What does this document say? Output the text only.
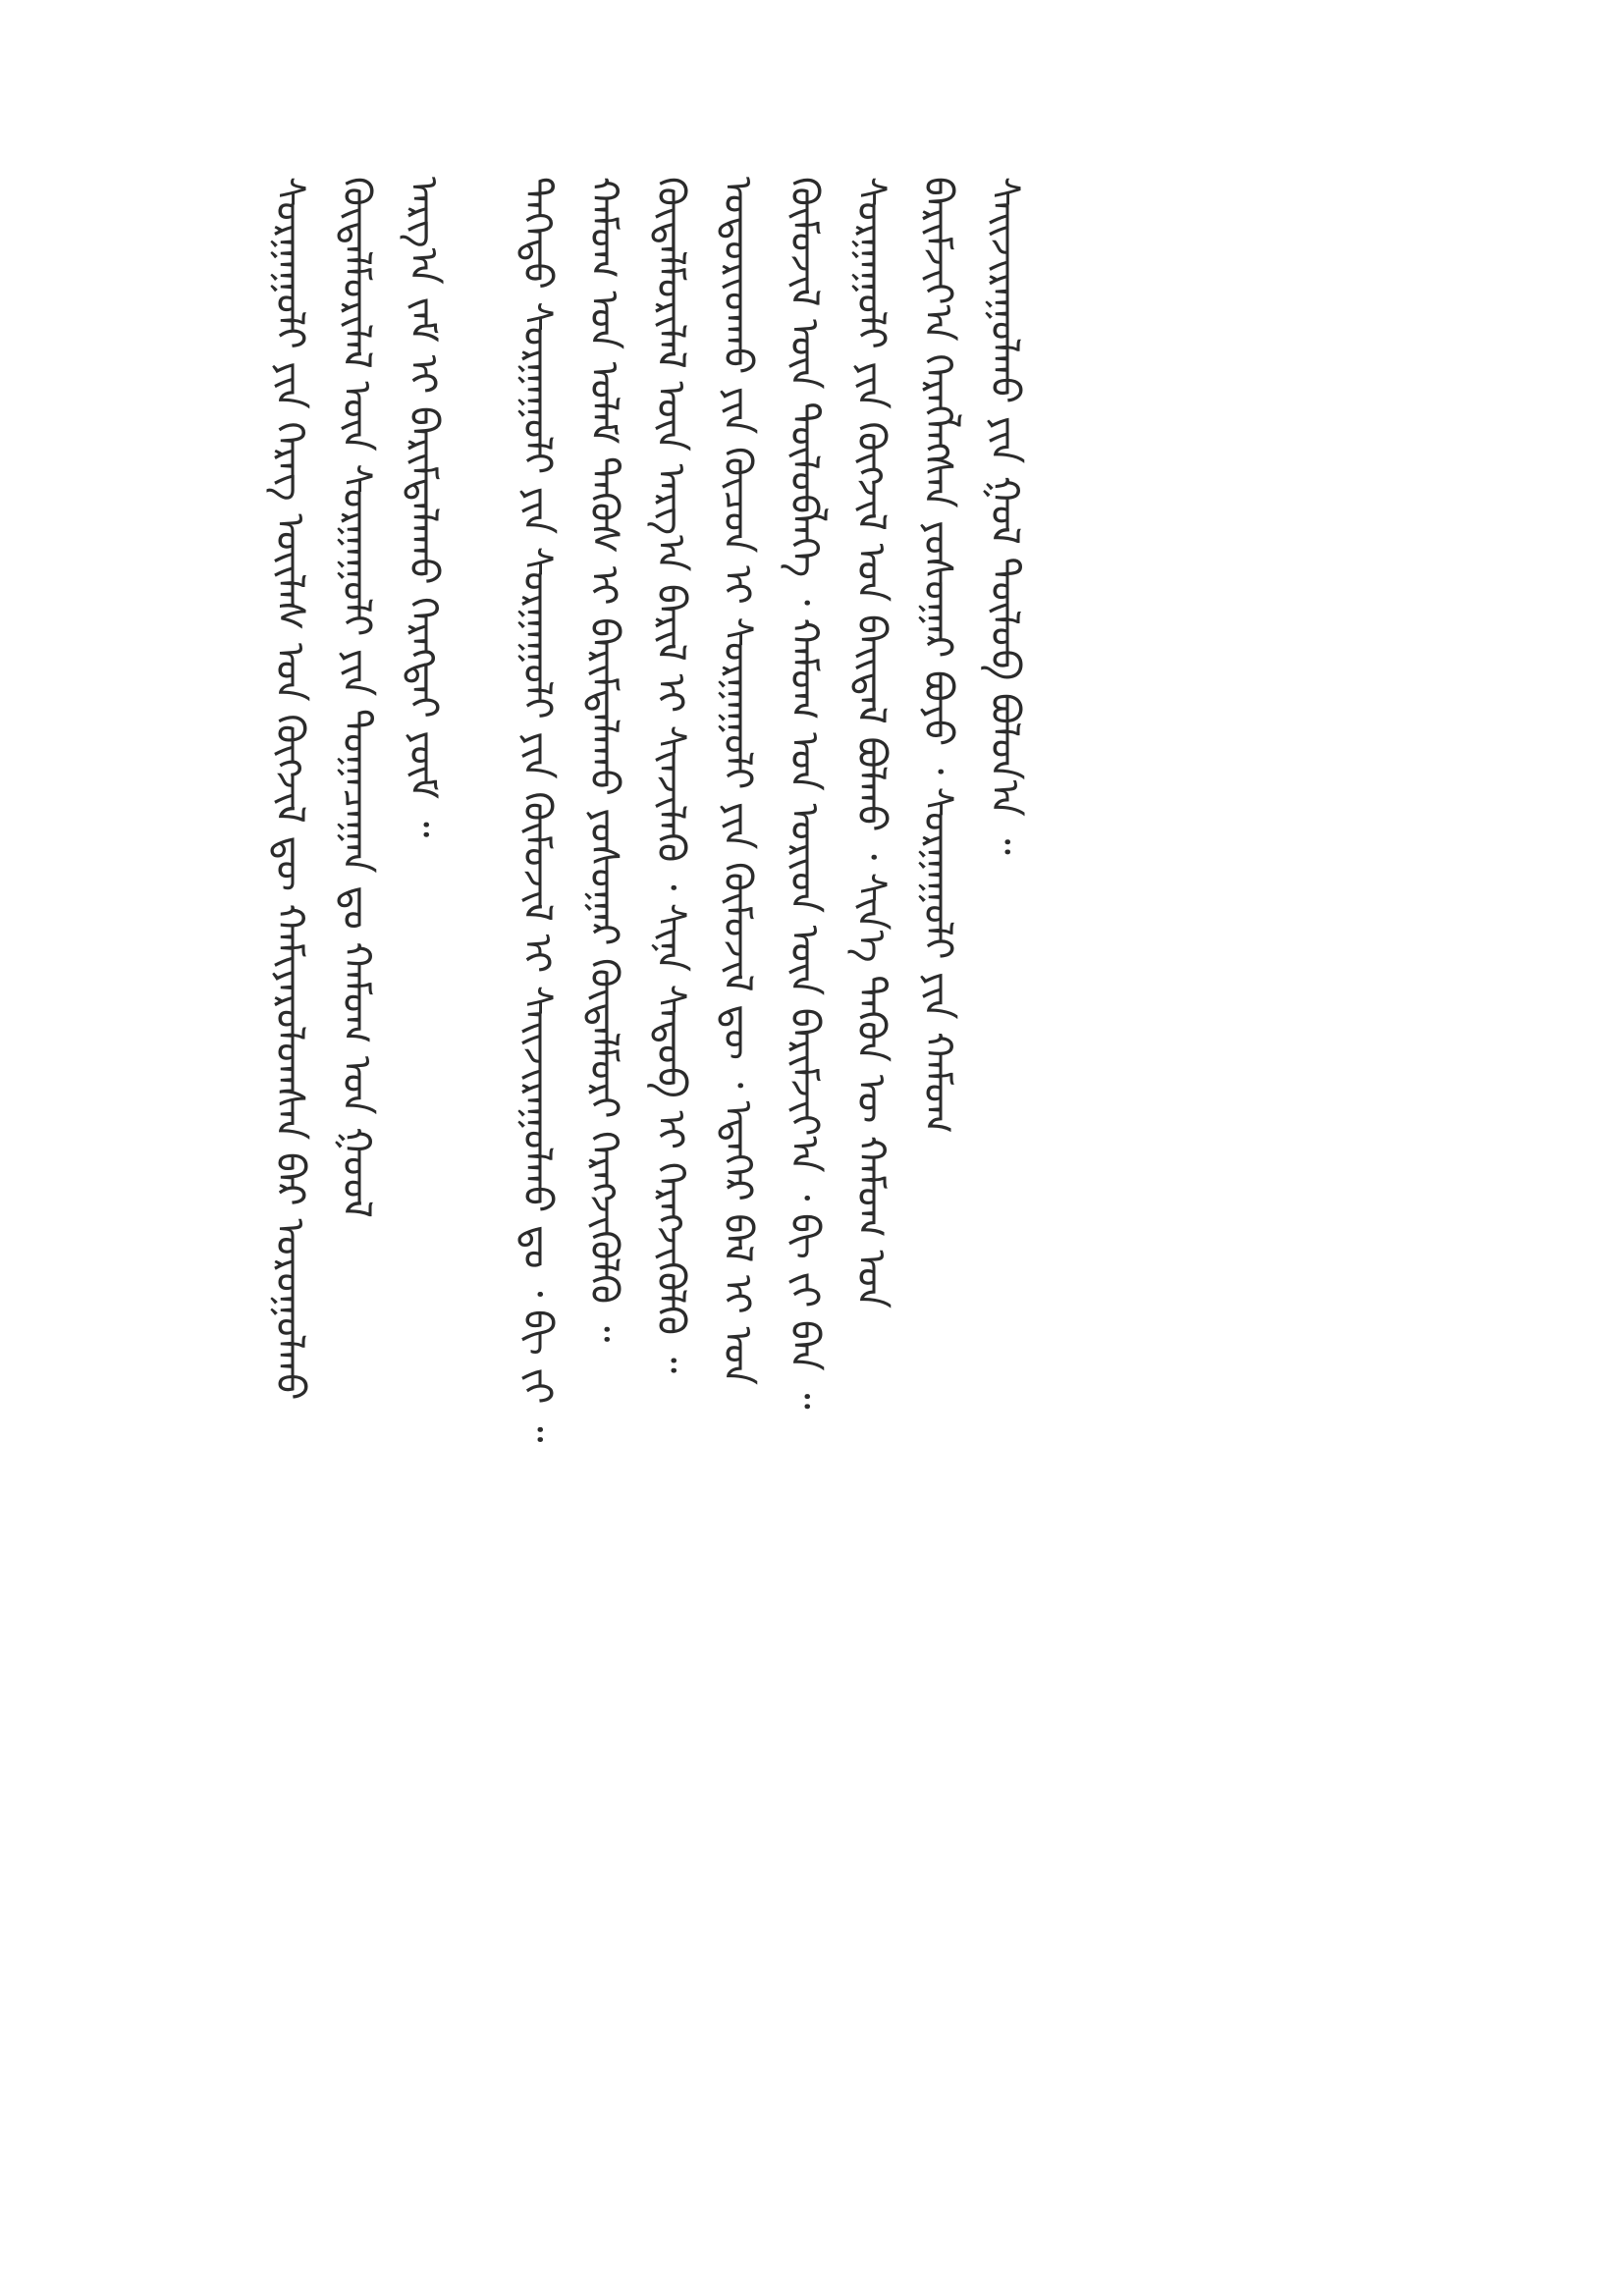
ᠰᠤᠷᠭᠠᠭᠤᠯᠢ ᠶᠢᠨ ᠬᠡᠷᠡᠭ ᠦᠢᠯᠡᠰ ᠤᠨ ᠬᠥᠭᠵᠢᠯ ᠳᠦ ᠬᠠᠮᠢᠶᠠᠷᠤᠯᠤᠭᠰᠠᠨ ᠪᠡᠷ ᠤᠷᠤᠭᠤᠯᠬᠤ ᠬᠥᠳᠡᠯᠮᠦᠷᠢᠯᠡᠯ ᠦᠨ ᠰᠤᠷᠭᠠᠭᠤᠯᠢ ᠶᠢᠨ ᠲᠣᠭᠠᠴᠠᠭᠠᠨ ᠳᠤ ᠬᠠᠮᠤᠭ ᠤᠨ ᠭᠣᠣᠯ ᠠᠷᠭ᠎ᠠ ᠵᠠᠮ ᠢ ᠪᠠᠷᠢᠮᠲᠠᠯᠠᠬᠤ ᠬᠡᠷᠡᠭᠲᠡᠢ ᠶᠦᠮ ᠃ ᠳᠡᠭᠡᠳᠦ ᠰᠤᠷᠭᠠᠭᠤᠯᠢ ᠶᠢᠨ ᠰᠤᠷᠭᠠᠭᠤᠯᠢ ᠶᠢᠨ ᠬᠥᠮᠦᠵᠢᠯ ᠢ ᠰᠠᠢᠵᠢᠷᠠᠭᠤᠯᠬᠤ ᠳᠤ ᠂ ᠪᠢ ᠵᠢ ᠃ ᠬᠠᠮᠤᠭ ᠤᠨ ᠤᠯᠠᠮ ᠲᠡᠭᠦᠰ ᠢ ᠪᠠᠷᠢᠮᠲᠠᠯᠠᠬᠤ ᠶᠣᠰᠤᠭᠠᠷ ᠬᠥᠳᠡᠯᠮᠦᠷᠢ ᠬᠡᠷᠡᠭᠵᠢᠭᠦᠯᠬᠦ ᠃ ᠬᠥᠳᠡᠯᠮᠦᠷᠢᠯᠡᠯ ᠦᠨ ᠠᠷᠭ᠎ᠠ ᠪᠠᠷᠢᠯ ᠢ ᠰᠢᠨᠵᠢᠯᠡᠬᠦ ᠂ ᠰᠢᠨᠡ ᠰᠡᠳᠦᠪ ᠢ ᠬᠡᠷᠡᠭᠵᠢᠭᠦᠯᠬᠦ ᠃ ᠤᠳᠤᠷᠢᠳᠬᠤ ᠶᠢᠨ ᠬᠦᠴᠦᠨ ᠢ ᠰᠤᠷᠭᠠᠭᠤᠯᠢ ᠶᠢᠨ ᠬᠥᠮᠦᠵᠢᠯ ᠳᠦ ᠂ ᠡᠳᠡᠭᠡᠷ ᠪᠡᠯ ᠢ ᠤᠨ ᠬᠥᠮᠦᠵᠢᠯ ᠦᠨ ᠲᠥᠯᠦᠪᠯᠡᠭᠡ ᠂ ᠬᠠᠮᠤᠭ ᠤᠨ ᠤᠷᠢᠳ ᠦᠨ ᠪᠠᠷᠢᠮᠵᠢᠶ᠎ᠠ ᠂ ᠪᠢ ᠵᠢ ᠪᠠᠨ ᠃ ᠰᠤᠷᠭᠠᠭᠤᠯᠢ ᠶᠢᠨ ᠬᠥᠭᠵᠢᠯ ᠤᠨ ᠪᠠᠢᠳᠠᠯ ᠪᠣᠯᠬᠤ ᠂ ᠰᠢᠨ᠎ᠡ ᠲᠡᠭᠦᠨ ᠦ ᠬᠠᠮᠤᠭ ᠤᠨ ᠪᠠᠷᠢᠮᠵᠢᠶ᠎ᠠ ᠬᠡᠷᠡᠭᠯᠡᠭᠰᠡᠨ ᠶᠣᠰᠤᠭᠠᠷ ᠪᠤᠶᠤ ᠂ ᠰᠤᠷᠭᠠᠭᠤᠯᠢ ᠶᠢᠨ ᠬᠠᠮᠤᠭ ᠰᠠᠢᠵᠢᠷᠠᠭᠤᠯᠬᠤ ᠶᠢᠨ ᠭᠣᠯ ᠲᠥᠯᠦᠪ ᠪᠣᠯᠤᠨ᠎ᠠ ᠃
